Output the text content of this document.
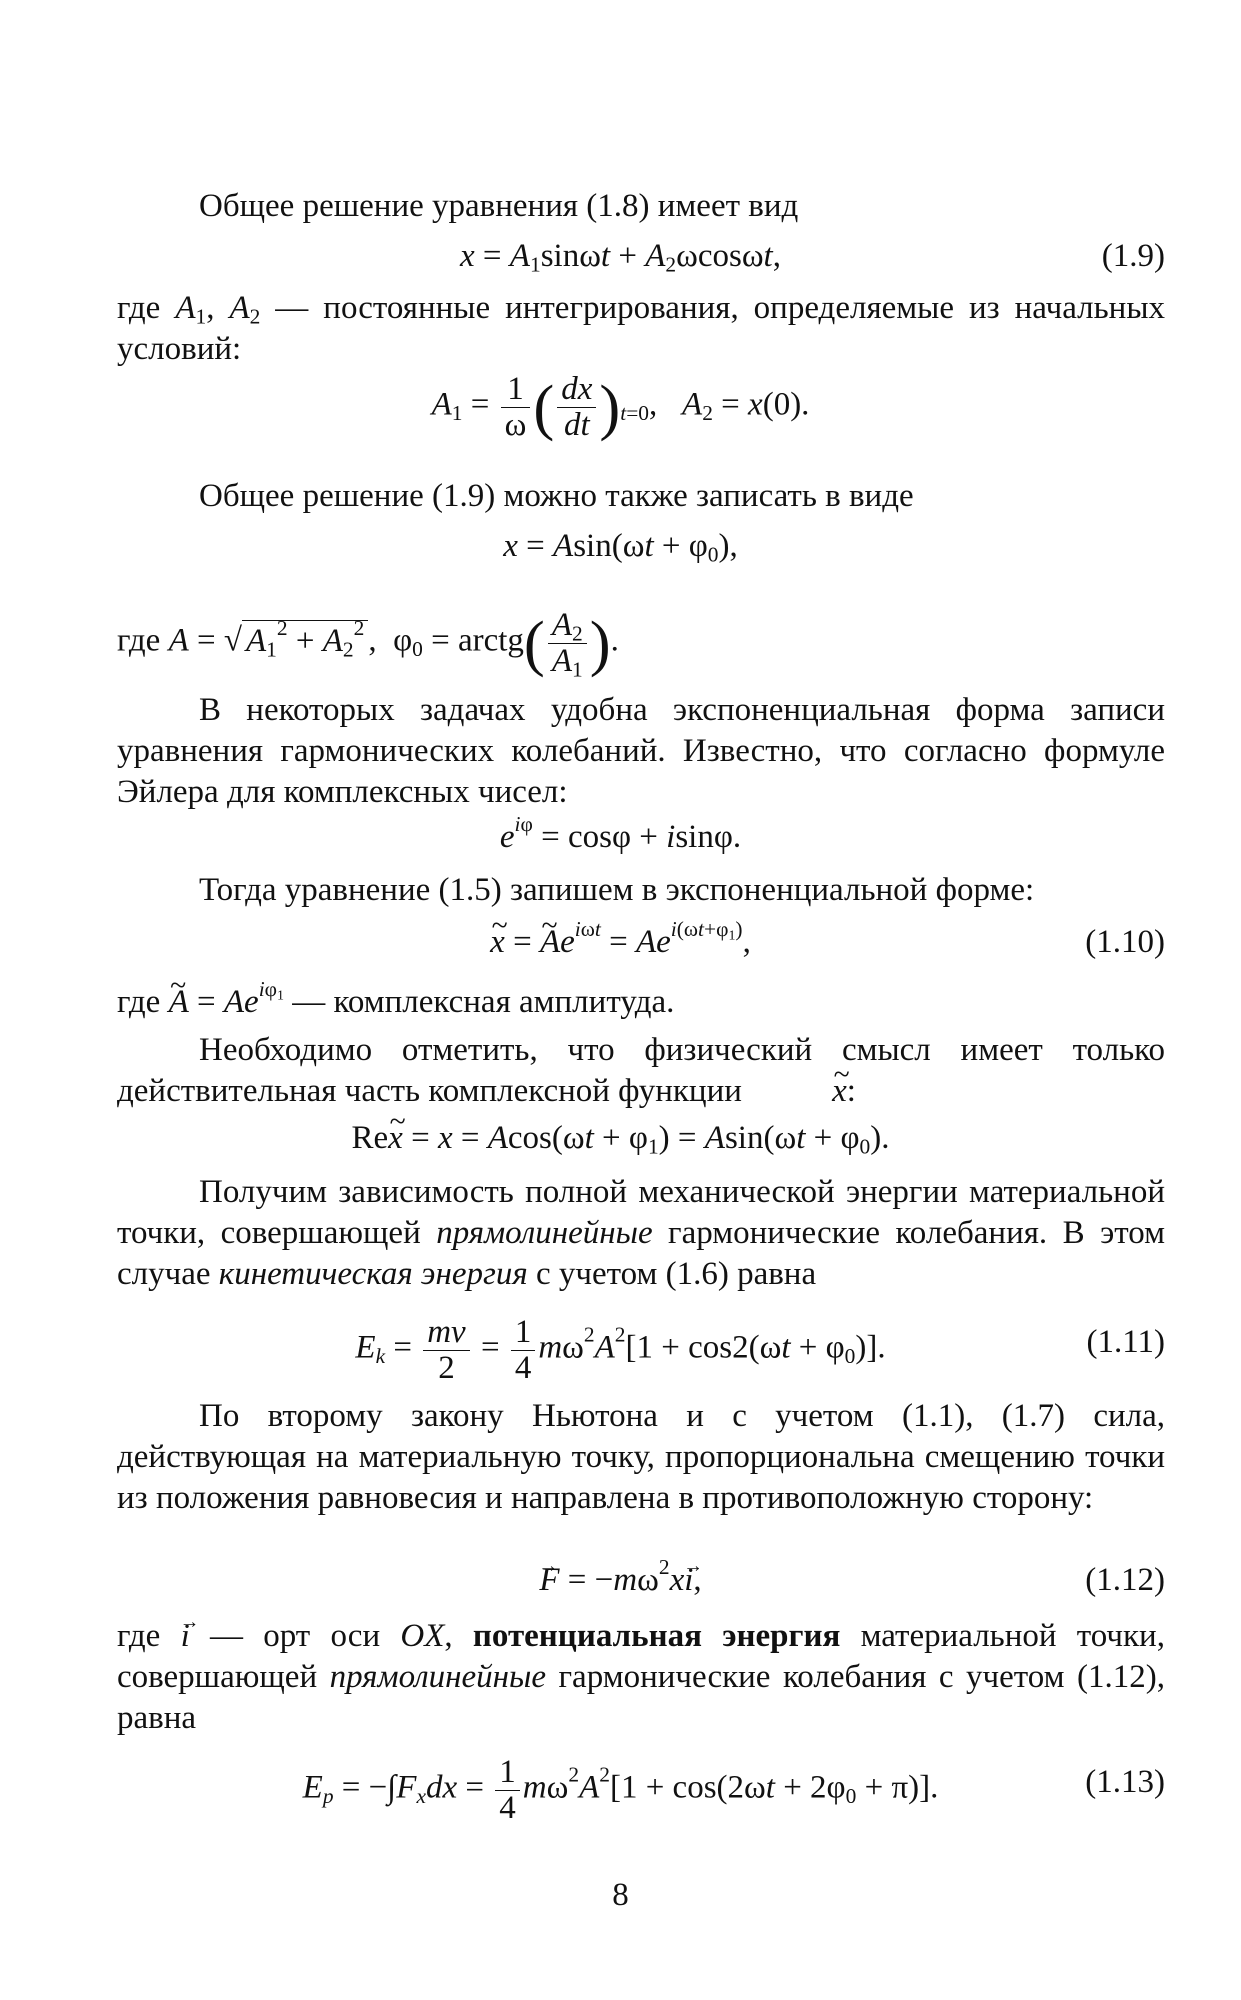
Общее решение уравнения (1.8) имеет вид

$x = A_1\sin\omega t + A_2\omega\cos\omega t$,	(1.9)

где $A_1$, $A_2$ — постоянные интегрирования, определяемые из начальных условий:

$A_1 = \frac{1}{\omega}$ ( $\frac{dx}{dt} )_{t=0}$,   $A_2 = x(0)$.

Общее решение (1.9) можно также записать в виде

$x = Asin(\omega t + \varphi_0)$,
где A = √ $A_1^2 + A_2^2$ ,  $\varphi_0$ = arctg( $\frac{A_2}{A_1}$ ).

В некоторых задачах удобна экспоненциальная форма записи уравнения гармонических колебаний. Известно, что согласно формуле Эйлера для комплексных чисел:

$e^{i\varphi} = \cos\varphi + isin\varphi$.

Тогда уравнение (1.5) запишем в экспоненциальной форме:

x ~ = A $\sim e^{i\omega t} = Ae^{i(\omega t+\varphi_1)}$,	(1.10)

где A ~ = $Ae^{i\varphi_1}$ — комплексная амплитуда.

Необходимо отметить, что физический смысл имеет только действительная часть комплексной функции x ~:

Rex ~ = $x = Acos(\omega t + \varphi_1) = Asin(\omega t + \varphi_0)$.

Получим зависимость полной механической энергии материальной точки, совершающей прямолинейные гармонические колебания. В этом случае кинетическая энергия с учетом (1.6) равна

$E_k = \frac{mv}{2} = \frac{1}{4} m\omega^2A^2[1 + \cos 2(\omega t + \varphi_0)]$.	(1.11)

По второму закону Ньютона и с учетом (1.1), (1.7) сила, действующая на материальную точку, пропорциональна смещению точки из положения равновесия и направлена в противоположную сторону:

F → = $-m\omega^2xi$ →,	(1.12)

где i → — орт оси OX, потенциальная энергия материальной точки, совершающей прямолинейные гармонические колебания с учетом (1.12), равна

$E_p = -\int F_xdx = \frac{1}{4} m\omega^2A^2[1 + \cos(2\omega t + 2\varphi_0 + \pi)]$.	(1.13)
8
